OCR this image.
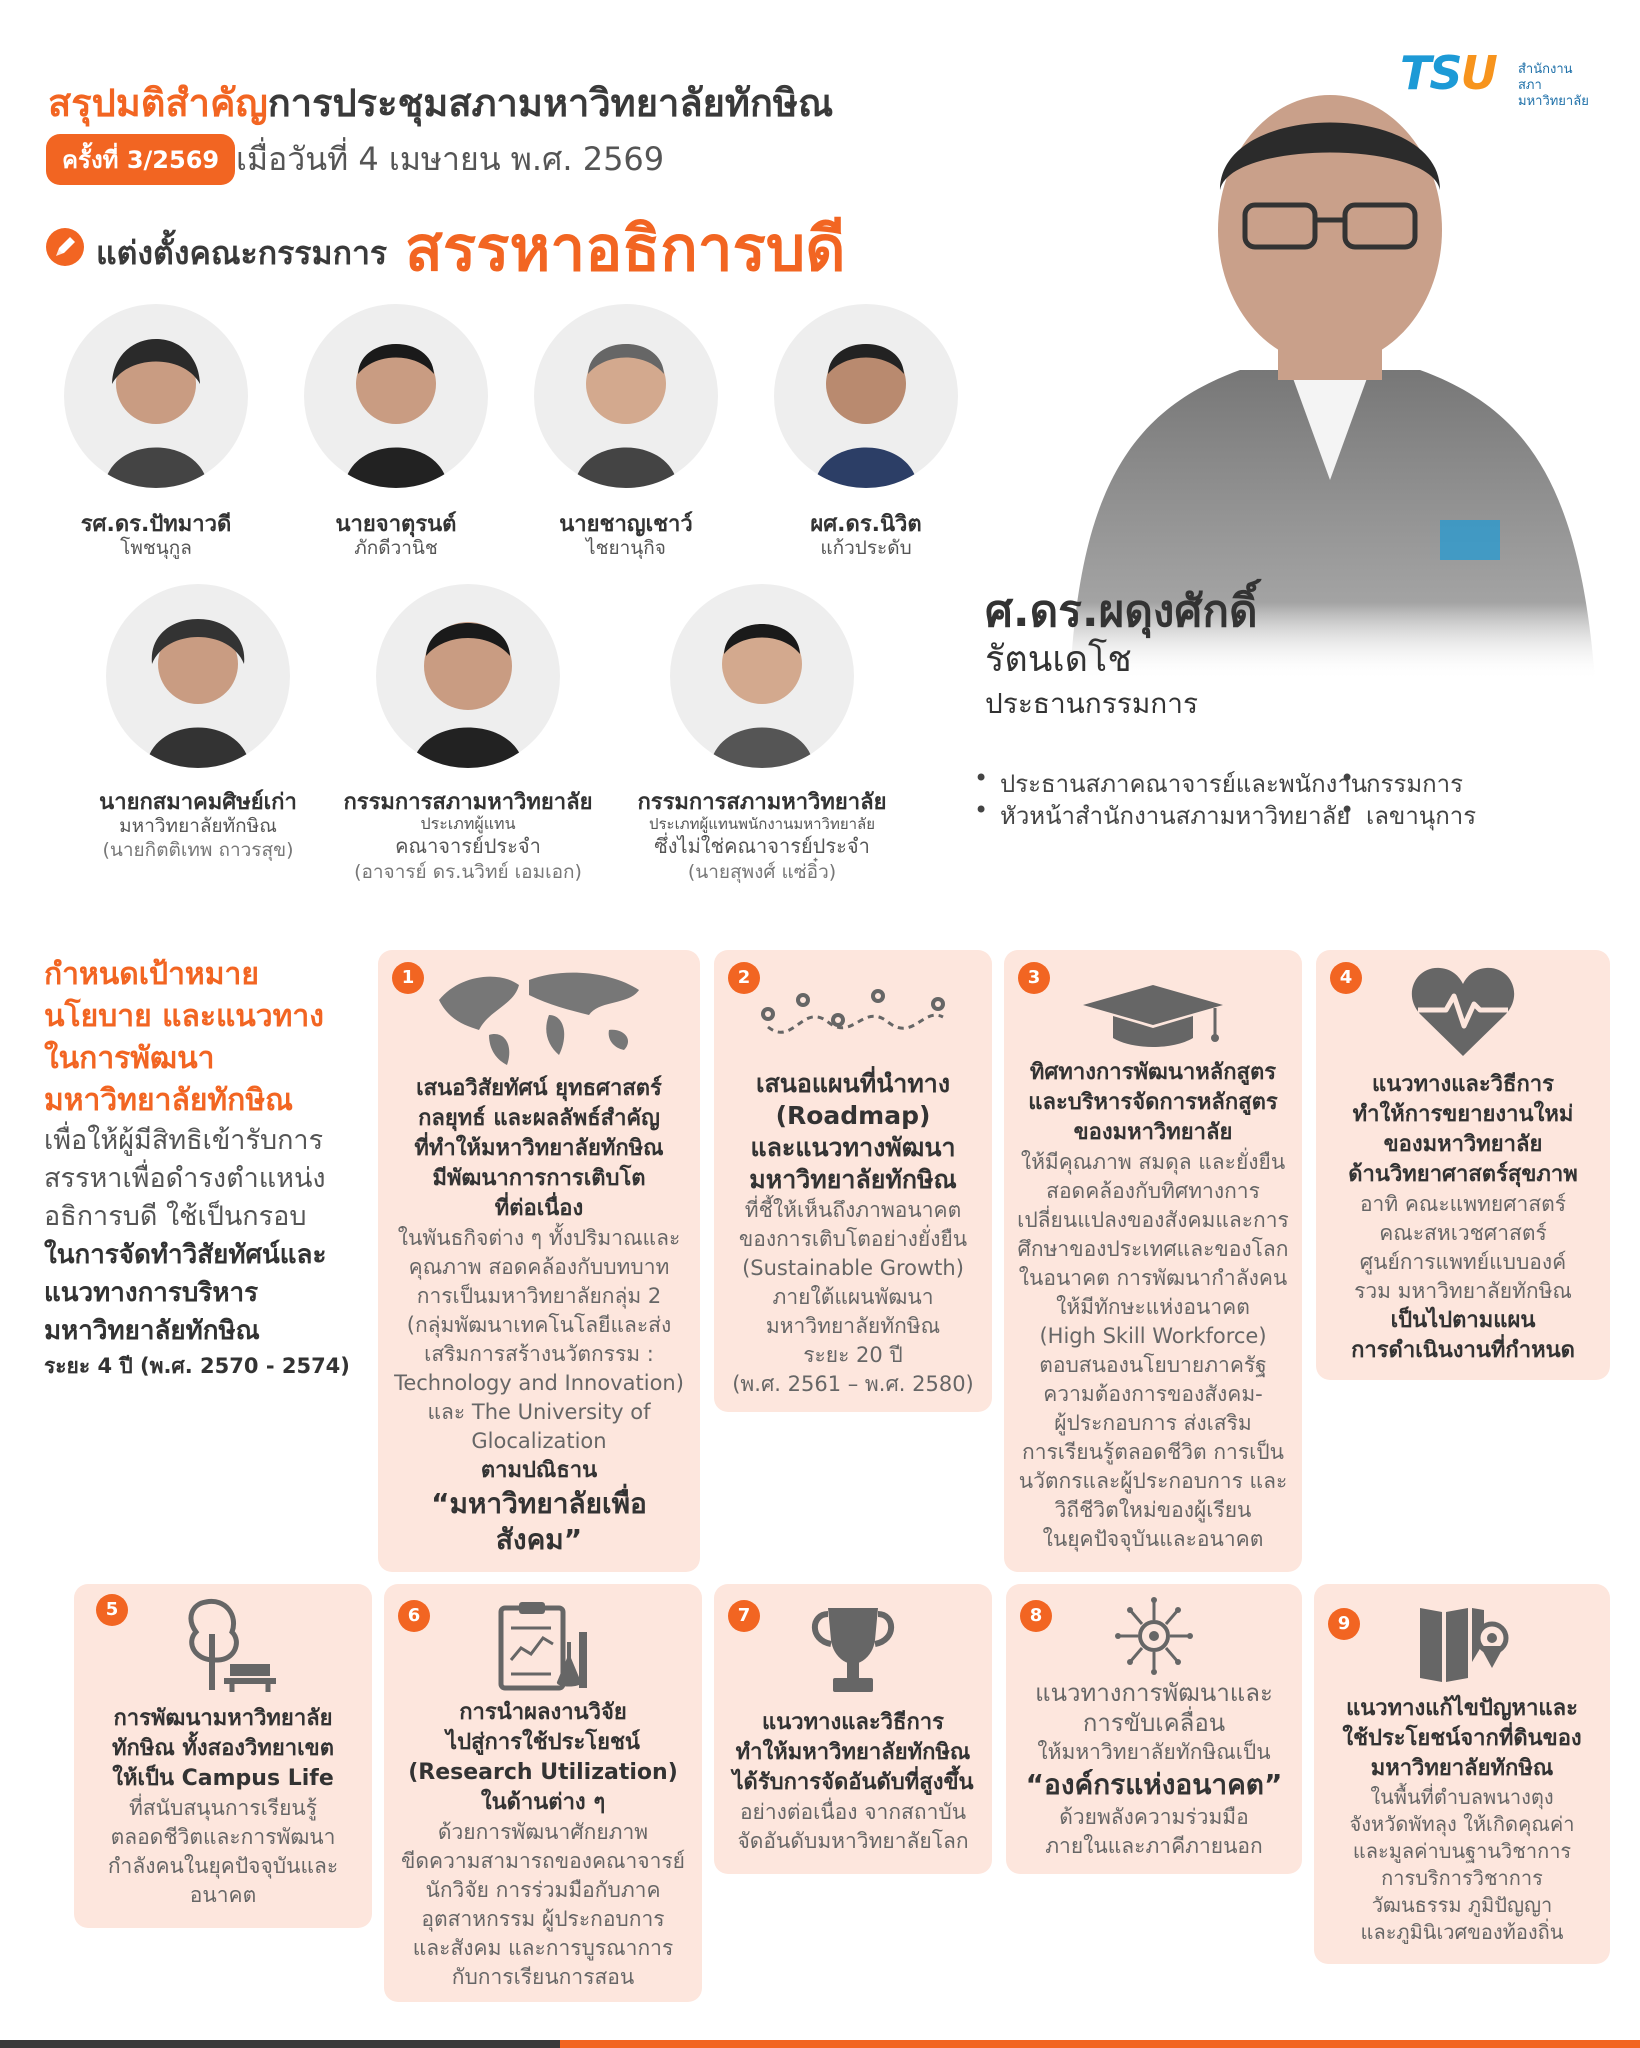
สรุปมติสำคัญการประชุมสภามหาวิทยาลัยทักษิณ
ครั้งที่ 3/2569 เมื่อวันที่ 4 เมษายน พ.ศ. 2569
แต่งตั้งคณะกรรมการ สรรหาอธิการบดี
TSU สำนักงาน
สภามหาวิทยาลัย
ศ.ดร.ผดุงศักดิ์
รัตนเดโช
ประธานกรรมการ
• ประธานสภาคณาจารย์และพนักงาน
• กรรมการ
• หัวหน้าสำนักงานสภามหาวิทยาลัย
• เลขานุการ
รศ.ดร.ปัทมาวดี
โพชนุกูล
นายจาตุรนต์
ภักดีวานิช
นายชาญเชาว์
ไชยานุกิจ
ผศ.ดร.นิวิต
แก้วประดับ
นายกสมาคมศิษย์เก่า
มหาวิทยาลัยทักษิณ
(นายกิตติเทพ ถาวรสุข)
กรรมการสภามหาวิทยาลัย
ประเภทผู้แทน
คณาจารย์ประจำ
(อาจารย์ ดร.นวิทย์ เอมเอก)
กรรมการสภามหาวิทยาลัย
ประเภทผู้แทนพนักงานมหาวิทยาลัย
ซึ่งไม่ใช่คณาจารย์ประจำ
(นายสุพงศ์ แซ่อิ๋ว)
กำหนดเป้าหมาย
นโยบาย และแนวทาง
ในการพัฒนา
มหาวิทยาลัยทักษิณ
เพื่อให้ผู้มีสิทธิเข้ารับการ
สรรหาเพื่อดำรงตำแหน่ง
อธิการบดี ใช้เป็นกรอบ
ในการจัดทำวิสัยทัศน์และ
แนวทางการบริหาร
มหาวิทยาลัยทักษิณ
ระยะ 4 ปี (พ.ศ. 2570 - 2574)
1
เสนอวิสัยทัศน์ ยุทธศาสตร์
กลยุทธ์ และผลลัพธ์สำคัญ
ที่ทำให้มหาวิทยาลัยทักษิณ
มีพัฒนาการการเติบโต
ที่ต่อเนื่อง
ในพันธกิจต่าง ๆ ทั้งปริมาณและ
คุณภาพ สอดคล้องกับบทบาท
การเป็นมหาวิทยาลัยกลุ่ม 2
(กลุ่มพัฒนาเทคโนโลยีและส่ง
เสริมการสร้างนวัตกรรม :
Technology and Innovation)
และ The University of
Glocalization
ตามปณิธาน
“มหาวิทยาลัยเพื่อสังคม”
2
เสนอแผนที่นำทาง
(Roadmap)
และแนวทางพัฒนา
มหาวิทยาลัยทักษิณ
ที่ชี้ให้เห็นถึงภาพอนาคต
ของการเติบโตอย่างยั่งยืน
(Sustainable Growth)
ภายใต้แผนพัฒนา
มหาวิทยาลัยทักษิณ
ระยะ 20 ปี
(พ.ศ. 2561 – พ.ศ. 2580)
3
ทิศทางการพัฒนาหลักสูตร
และบริหารจัดการหลักสูตร
ของมหาวิทยาลัย
ให้มีคุณภาพ สมดุล และยั่งยืน
สอดคล้องกับทิศทางการ
เปลี่ยนแปลงของสังคมและการ
ศึกษาของประเทศและของโลก
ในอนาคต การพัฒนากำลังคน
ให้มีทักษะแห่งอนาคต
(High Skill Workforce)
ตอบสนองนโยบายภาครัฐ
ความต้องการของสังคม-
ผู้ประกอบการ ส่งเสริม
การเรียนรู้ตลอดชีวิต การเป็น
นวัตกรและผู้ประกอบการ และ
วิถีชีวิตใหม่ของผู้เรียน
ในยุคปัจจุบันและอนาคต
4
แนวทางและวิธีการ
ทำให้การขยายงานใหม่
ของมหาวิทยาลัย
ด้านวิทยาศาสตร์สุขภาพ
อาทิ คณะแพทยศาสตร์
คณะสหเวชศาสตร์
ศูนย์การแพทย์แบบองค์
รวม มหาวิทยาลัยทักษิณ
เป็นไปตามแผน
การดำเนินงานที่กำหนด
5
การพัฒนามหาวิทยาลัย
ทักษิณ ทั้งสองวิทยาเขต
ให้เป็น Campus Life
ที่สนับสนุนการเรียนรู้
ตลอดชีวิตและการพัฒนา
กำลังคนในยุคปัจจุบันและ
อนาคต
6
การนำผลงานวิจัย
ไปสู่การใช้ประโยชน์
(Research Utilization)
ในด้านต่าง ๆ
ด้วยการพัฒนาศักยภาพ
ขีดความสามารถของคณาจารย์
นักวิจัย การร่วมมือกับภาค
อุตสาหกรรม ผู้ประกอบการ
และสังคม และการบูรณาการ
กับการเรียนการสอน
7
แนวทางและวิธีการ
ทำให้มหาวิทยาลัยทักษิณ
ได้รับการจัดอันดับที่สูงขึ้น
อย่างต่อเนื่อง จากสถาบัน
จัดอันดับมหาวิทยาลัยโลก
8
แนวทางการพัฒนาและ
การขับเคลื่อน
ให้มหาวิทยาลัยทักษิณเป็น
“องค์กรแห่งอนาคต”
ด้วยพลังความร่วมมือ
ภายในและภาคีภายนอก
9
แนวทางแก้ไขปัญหาและ
ใช้ประโยชน์จากที่ดินของ
มหาวิทยาลัยทักษิณ
ในพื้นที่ตำบลพนางตุง
จังหวัดพัทลุง ให้เกิดคุณค่า
และมูลค่าบนฐานวิชาการ
การบริการวิชาการ
วัฒนธรรม ภูมิปัญญา
และภูมินิเวศของท้องถิ่น
